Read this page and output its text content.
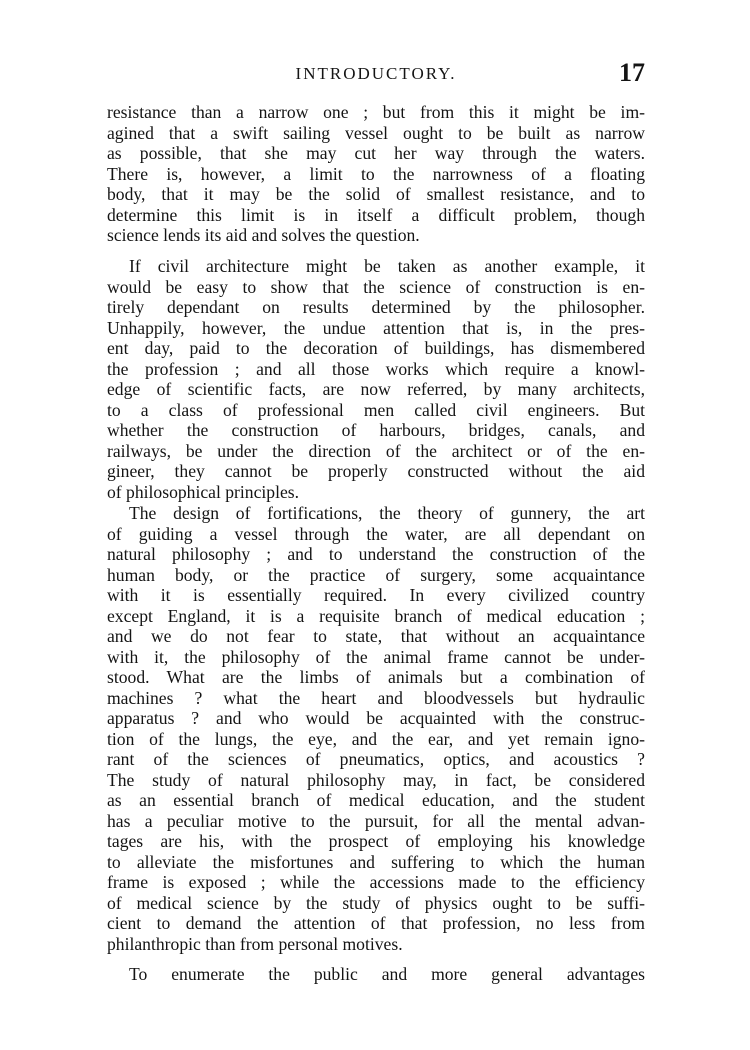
INTRODUCTORY.	17
resistance than a narrow one ; but from this it might be im-
agined that a swift sailing vessel ought to be built as narrow
as possible, that she may cut her way through the waters.
There is, however, a limit to the narrowness of a floating
body, that it may be the solid of smallest resistance, and to
determine this limit is in itself a difficult problem, though
science lends its aid and solves the question.
If civil architecture might be taken as another example, it
would be easy to show that the science of construction is en-
tirely dependant on results determined by the philosopher.
Unhappily, however, the undue attention that is, in the pres-
ent day, paid to the decoration of buildings, has dismembered
the profession ; and all those works which require a knowl-
edge of scientific facts, are now referred, by many architects,
to a class of professional men called civil engineers. But
whether the construction of harbours, bridges, canals, and
railways, be under the direction of the architect or of the en-
gineer, they cannot be properly constructed without the aid
of philosophical principles.
The design of fortifications, the theory of gunnery, the art
of guiding a vessel through the water, are all dependant on
natural philosophy ; and to understand the construction of the
human body, or the practice of surgery, some acquaintance
with it is essentially required. In every civilized country
except England, it is a requisite branch of medical education ;
and we do not fear to state, that without an acquaintance
with it, the philosophy of the animal frame cannot be under-
stood. What are the limbs of animals but a combination of
machines ? what the heart and bloodvessels but hydraulic
apparatus ? and who would be acquainted with the construc-
tion of the lungs, the eye, and the ear, and yet remain igno-
rant of the sciences of pneumatics, optics, and acoustics ?
The study of natural philosophy may, in fact, be considered
as an essential branch of medical education, and the student
has a peculiar motive to the pursuit, for all the mental advan-
tages are his, with the prospect of employing his knowledge
to alleviate the misfortunes and suffering to which the human
frame is exposed ; while the accessions made to the efficiency
of medical science by the study of physics ought to be suffi-
cient to demand the attention of that profession, no less from
philanthropic than from personal motives.
To enumerate the public and more general advantages
